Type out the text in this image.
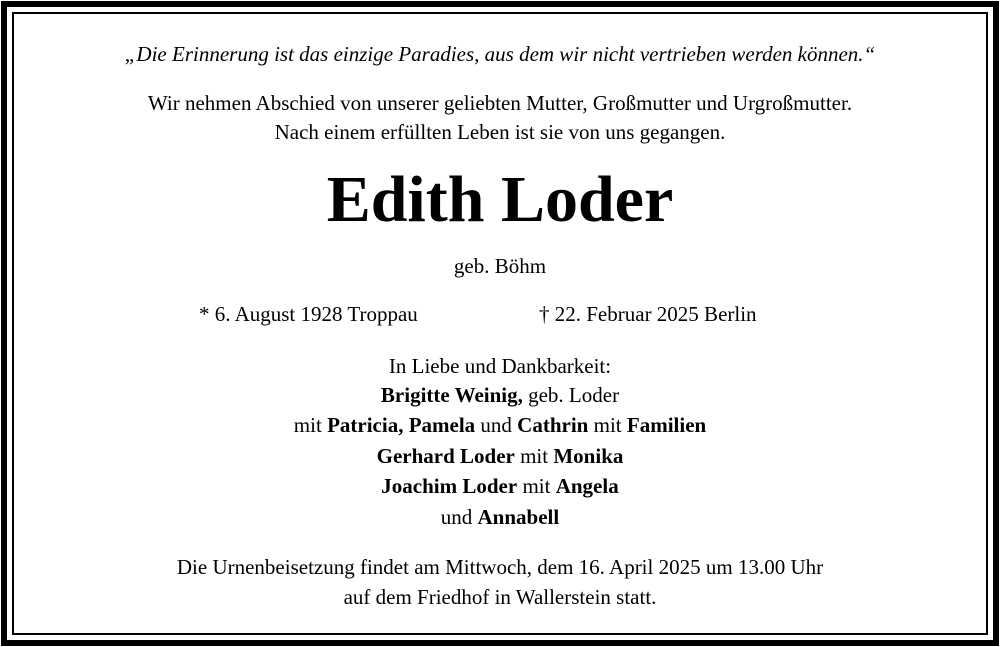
„Die Erinnerung ist das einzige Paradies, aus dem wir nicht vertrieben werden können.“
Wir nehmen Abschied von unserer geliebten Mutter, Großmutter und Urgroßmutter.
Nach einem erfüllten Leben ist sie von uns gegangen.
Edith Loder
geb. Böhm
* 6. August 1928 Troppau	† 22. Februar 2025 Berlin
In Liebe und Dankbarkeit:
Brigitte Weinig, geb. Loder
mit Patricia, Pamela und Cathrin mit Familien
Gerhard Loder mit Monika
Joachim Loder mit Angela
und Annabell
Die Urnenbeisetzung findet am Mittwoch, dem 16. April 2025 um 13.00 Uhr
auf dem Friedhof in Wallerstein statt.
